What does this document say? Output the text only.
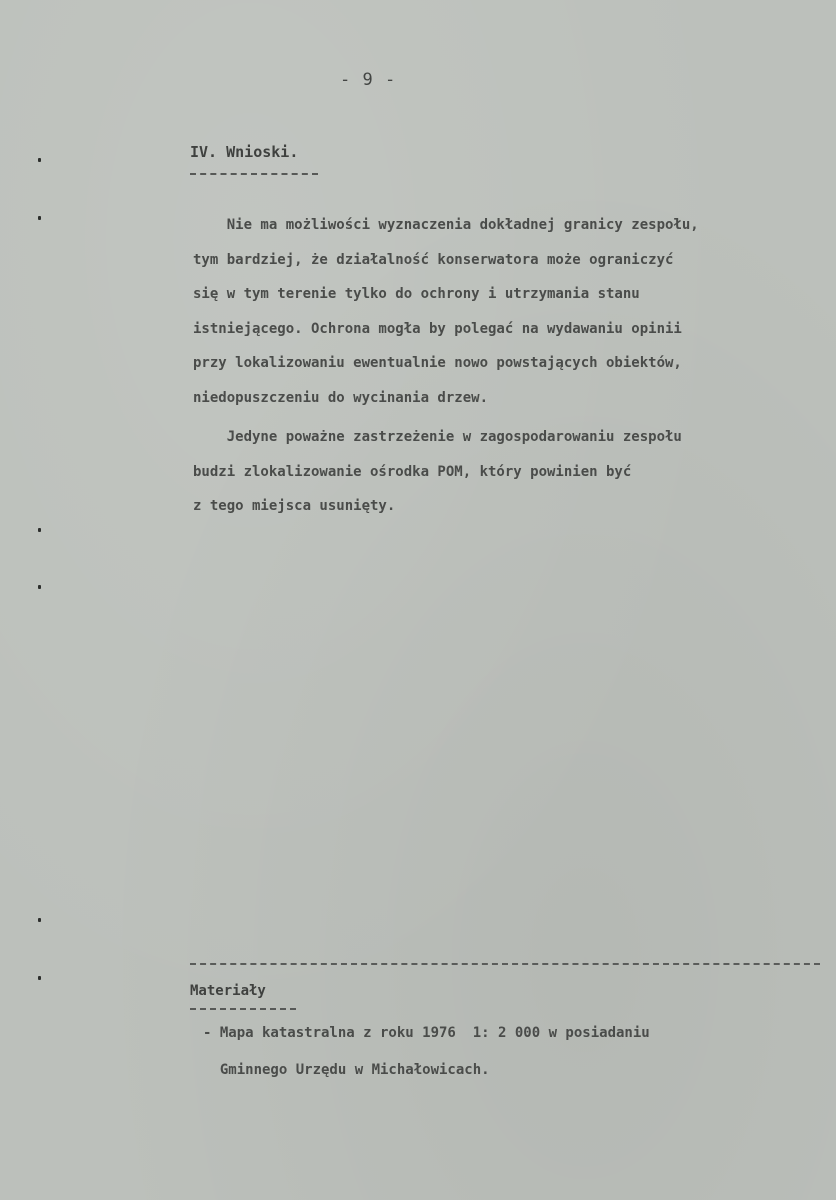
- 9 -
IV. Wnioski.
Nie ma możliwości wyznaczenia dokładnej granicy zespołu,
tym bardziej, że działalność konserwatora może ograniczyć
się w tym terenie tylko do ochrony i utrzymania stanu
istniejącego. Ochrona mogła by polegać na wydawaniu opinii
przy lokalizowaniu ewentualnie nowo powstających obiektów,
niedopuszczeniu do wycinania drzew.
Jedyne poważne zastrzeżenie w zagospodarowaniu zespołu
budzi zlokalizowanie ośrodka POM, który powinien być
z tego miejsca usunięty.
Materiały
- Mapa katastralna z roku 1976  1: 2 000 w posiadaniu
Gminnego Urzędu w Michałowicach.
